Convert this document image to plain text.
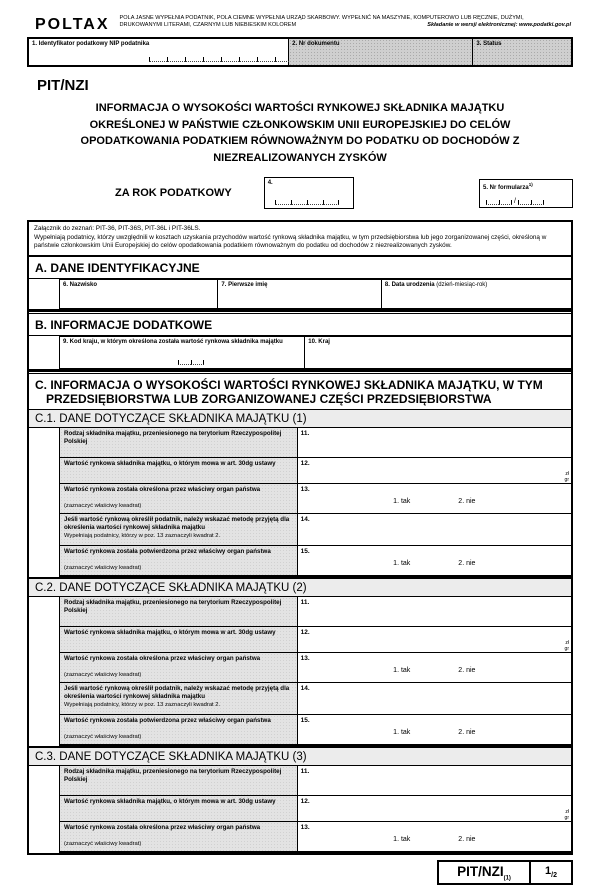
POLTAX POLA JASNE WYPEŁNIA PODATNIK, POLA CIEMNE WYPEŁNIA URZĄD SKARBOWY. WYPEŁNIĆ NA MASZYNIE, KOMPUTEROWO LUB RĘCZNIE, DUŻYMI,
DRUKOWANYMI LITERAMI, CZARNYM LUB NIEBIESKIM KOLOREM	Składanie w wersji elektronicznej: www.podatki.gov.pl
1. Identyfikator podatkowy NIP podatnika	2. Nr dokumentu	3. Status
PIT/NZI
INFORMACJA O WYSOKOŚCI WARTOŚCI RYNKOWEJ SKŁADNIKA MAJĄTKU OKREŚLONEJ W PAŃSTWIE CZŁONKOWSKIM UNII EUROPEJSKIEJ DO CELÓW OPODATKOWANIA PODATKIEM RÓWNOWAŻNYM DO PODATKU OD DOCHODÓW Z NIEZREALIZOWANYCH ZYSKÓW
ZA ROK PODATKOWY
4.
5. Nr formularza$^{1)}$
/
Załącznik do zeznań: PIT-36, PIT-36S, PIT-36L i PIT-36LS.
Wypełniają podatnicy, którzy uwzględnili w kosztach uzyskania przychodów wartość rynkową składnika majątku, w tym przedsiębiorstwa lub jego zorganizowanej części, określoną w państwie członkowskim Unii Europejskiej do celów opodatkowania podatkiem równoważnym do podatku od dochodów z niezrealizowanych zysków.
A. DANE IDENTYFIKACYJNE
6. Nazwisko	7. Pierwsze imię	8. Data urodzenia (dzień-miesiąc-rok)
B. INFORMACJE DODATKOWE
9. Kod kraju, w którym określona została wartość rynkowa składnika majątku	10. Kraj
C. INFORMACJA O WYSOKOŚCI WARTOŚCI RYNKOWEJ SKŁADNIKA MAJĄTKU, W TYM PRZEDSIĘBIORSTWA LUB ZORGANIZOWANEJ CZĘŚCI PRZEDSIĘBIORSTWA
C.1. DANE DOTYCZĄCE SKŁADNIKA MAJĄTKU (1)
Rodzaj składnika majątku, przeniesionego na terytorium Rzeczypospolitej Polskiej
11.
Wartość rynkowa składnika majątku, o którym mowa w art. 30dg ustawy	12.
zł
gr
Wartość rynkowa została określona przez właściwy organ państwa
(zaznaczyć właściwy kwadrat)
13.
1. tak	2. nie
Jeśli wartość rynkową określił podatnik, należy wskazać metodę przyjętą dla określenia wartości rynkowej składnika majątku
Wypełniają podatnicy, którzy w poz. 13 zaznaczyli kwadrat 2.
14.
Wartość rynkowa została potwierdzona przez właściwy organ państwa
(zaznaczyć właściwy kwadrat)
15.
1. tak	2. nie
C.2. DANE DOTYCZĄCE SKŁADNIKA MAJĄTKU (2)
Rodzaj składnika majątku, przeniesionego na terytorium Rzeczypospolitej Polskiej
11.
Wartość rynkowa składnika majątku, o którym mowa w art. 30dg ustawy	12.
zł
gr
Wartość rynkowa została określona przez właściwy organ państwa
(zaznaczyć właściwy kwadrat)
13.
1. tak	2. nie
Jeśli wartość rynkową określił podatnik, należy wskazać metodę przyjętą dla określenia wartości rynkowej składnika majątku
Wypełniają podatnicy, którzy w poz. 13 zaznaczyli kwadrat 2.
14.
Wartość rynkowa została potwierdzona przez właściwy organ państwa
(zaznaczyć właściwy kwadrat)
15.
1. tak	2. nie
C.3. DANE DOTYCZĄCE SKŁADNIKA MAJĄTKU (3)
Rodzaj składnika majątku, przeniesionego na terytorium Rzeczypospolitej Polskiej
11.
Wartość rynkowa składnika majątku, o którym mowa w art. 30dg ustawy	12.
zł
gr
Wartość rynkowa została określona przez właściwy organ państwa
(zaznaczyć właściwy kwadrat)
13.
1. tak	2. nie
PIT/$NZI_{(1)}$
$1_{/2}$
